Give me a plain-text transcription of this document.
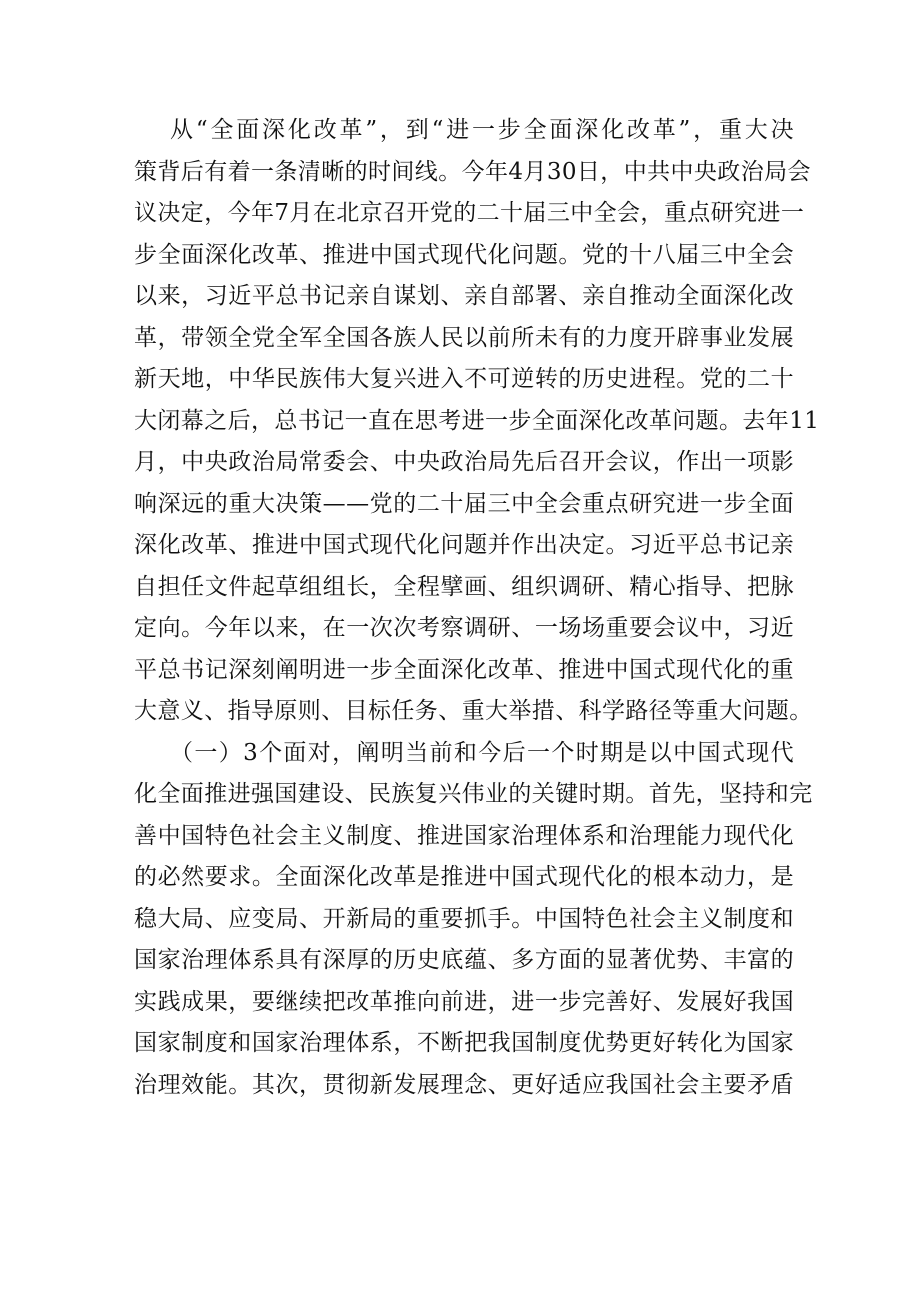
从“全面深化改革”，到“进一步全面深化改革”，重大决
策背后有着一条清晰的时间线。今年4月30日，中共中央政治局会
议决定，今年7月在北京召开党的二十届三中全会，重点研究进一
步全面深化改革、推进中国式现代化问题。党的十八届三中全会
以来，习近平总书记亲自谋划、亲自部署、亲自推动全面深化改
革，带领全党全军全国各族人民以前所未有的力度开辟事业发展
新天地，中华民族伟大复兴进入不可逆转的历史进程。党的二十
大闭幕之后，总书记一直在思考进一步全面深化改革问题。去年11
月，中央政治局常委会、中央政治局先后召开会议，作出一项影
响深远的重大决策——党的二十届三中全会重点研究进一步全面
深化改革、推进中国式现代化问题并作出决定。习近平总书记亲
自担任文件起草组组长，全程擘画、组织调研、精心指导、把脉
定向。今年以来，在一次次考察调研、一场场重要会议中，习近
平总书记深刻阐明进一步全面深化改革、推进中国式现代化的重
大意义、指导原则、目标任务、重大举措、科学路径等重大问题。
（一）3个面对，阐明当前和今后一个时期是以中国式现代
化全面推进强国建设、民族复兴伟业的关键时期。首先，坚持和完
善中国特色社会主义制度、推进国家治理体系和治理能力现代化
的必然要求。全面深化改革是推进中国式现代化的根本动力，是
稳大局、应变局、开新局的重要抓手。中国特色社会主义制度和
国家治理体系具有深厚的历史底蕴、多方面的显著优势、丰富的
实践成果，要继续把改革推向前进，进一步完善好、发展好我国
国家制度和国家治理体系，不断把我国制度优势更好转化为国家
治理效能。其次，贯彻新发展理念、更好适应我国社会主要矛盾
